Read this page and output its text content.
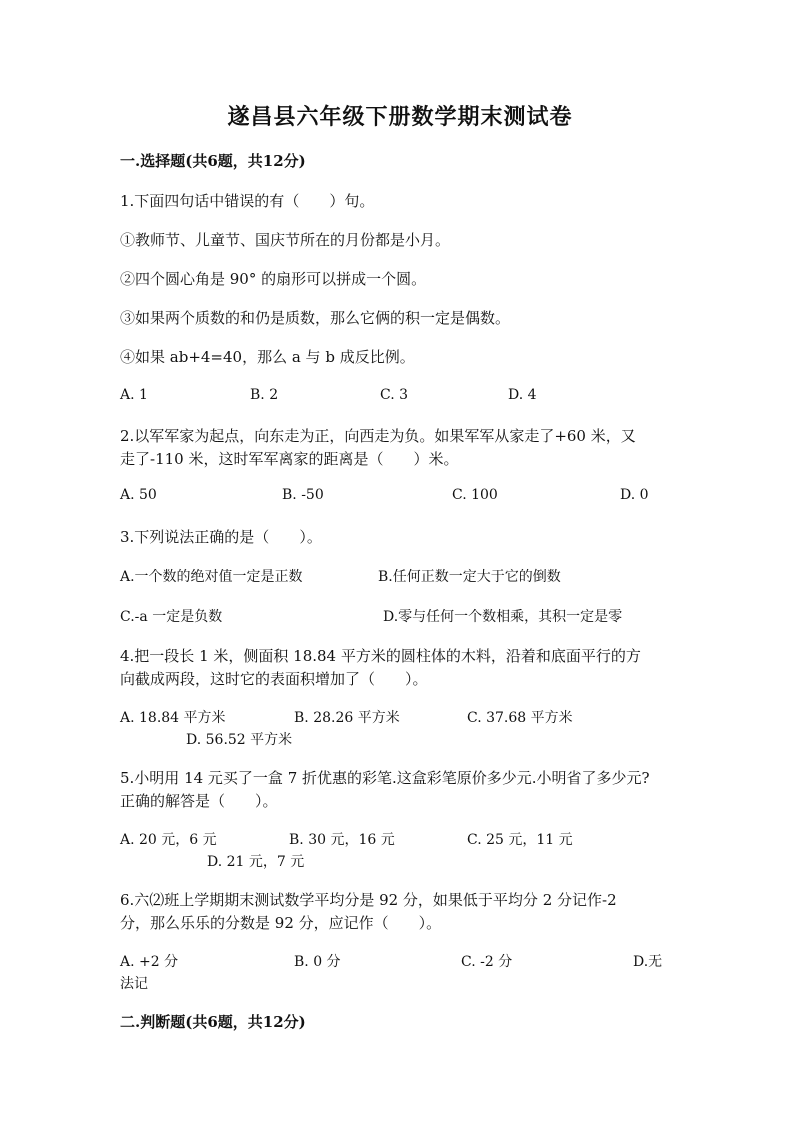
遂昌县六年级下册数学期末测试卷
一.选择题(共6题，共12分)
1.下面四句话中错误的有（　　）句。
①教师节、儿童节、国庆节所在的月份都是小月。
②四个圆心角是 90° 的扇形可以拼成一个圆。
③如果两个质数的和仍是质数，那么它俩的积一定是偶数。
④如果 ab+4=40，那么 a 与 b 成反比例。
A. 1	B. 2	C. 3	D. 4
2.以军军家为起点，向东走为正，向西走为负。如果军军从家走了+60 米，又
走了-110 米，这时军军离家的距离是（　　）米。
A. 50	B. -50	C. 100	D. 0
3.下列说法正确的是（　　）。
A.一个数的绝对值一定是正数	B.任何正数一定大于它的倒数
C.-a 一定是负数	D.零与任何一个数相乘，其积一定是零
4.把一段长 1 米，侧面积 18.84 平方米的圆柱体的木料，沿着和底面平行的方
向截成两段，这时它的表面积增加了（　　）。
A. 18.84 平方米	B. 28.26 平方米	C. 37.68 平方米
D. 56.52 平方米
5.小明用 14 元买了一盒 7 折优惠的彩笔.这盒彩笔原价多少元.小明省了多少元?
正确的解答是（　　）。
A. 20 元，6 元	B. 30 元，16 元	C. 25 元，11 元
D. 21 元，7 元
6.六⑵班上学期期末测试数学平均分是 92 分，如果低于平均分 2 分记作-2
分，那么乐乐的分数是 92 分，应记作（　　）。
A. +2 分	B. 0 分	C. -2 分	D.无
法记
二.判断题(共6题，共12分)
